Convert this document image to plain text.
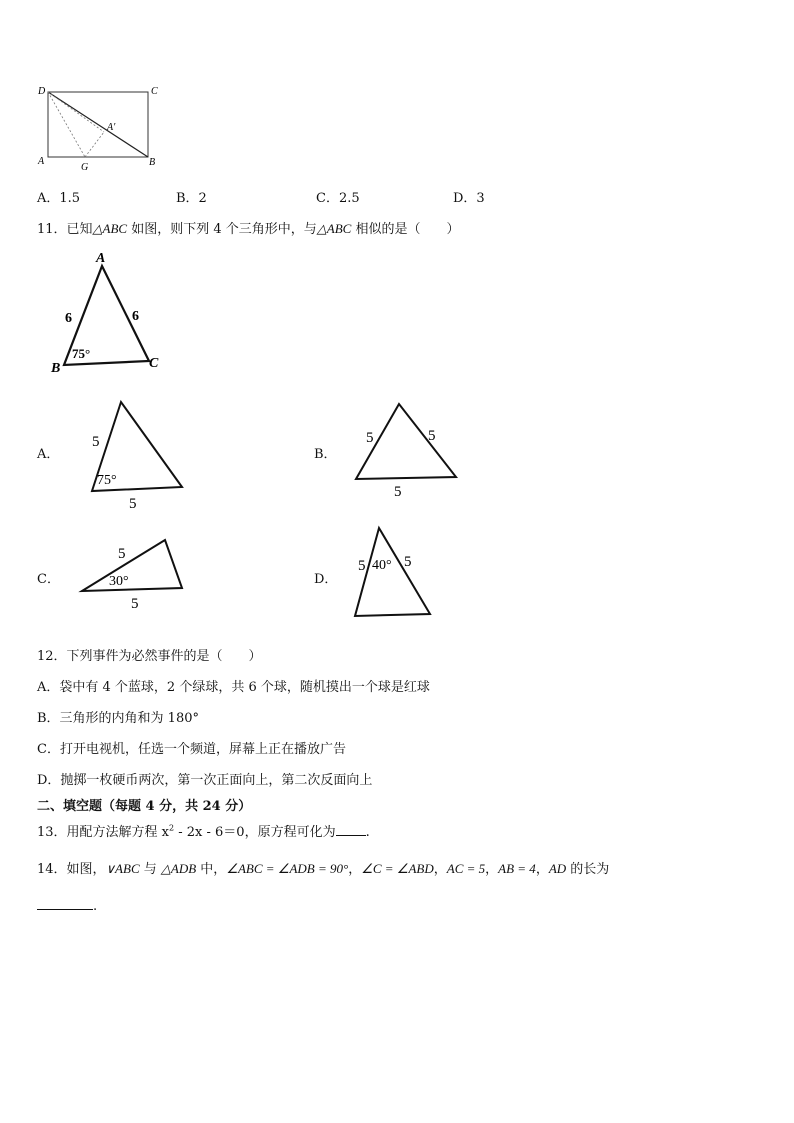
D	C
A	B
G
A′
A．1.5	B．2	C．2.5	D．3
11．已知△ABC 如图，则下列 4 个三角形中，与△ABC 相似的是（　　）
A
B	C
6	6
75°
A．	B．
C．	D．
5
5
75°
5	5
5
5
5
30°
5	5
40°
12．下列事件为必然事件的是（　　）
A．袋中有 4 个蓝球，2 个绿球，共 6 个球，随机摸出一个球是红球
B．三角形的内角和为 180°
C．打开电视机，任选一个频道，屏幕上正在播放广告
D．抛掷一枚硬币两次，第一次正面向上，第二次反面向上
二、填空题（每题 4 分，共 24 分）
13．用配方法解方程 $x^2 - 2x - 6=0$，原方程可化为 .
14．如图，∨ABC 与 △ADB 中，∠ABC = ∠ADB = 90°，∠C = ∠ABD，AC = 5，AB = 4，AD 的长为
.
